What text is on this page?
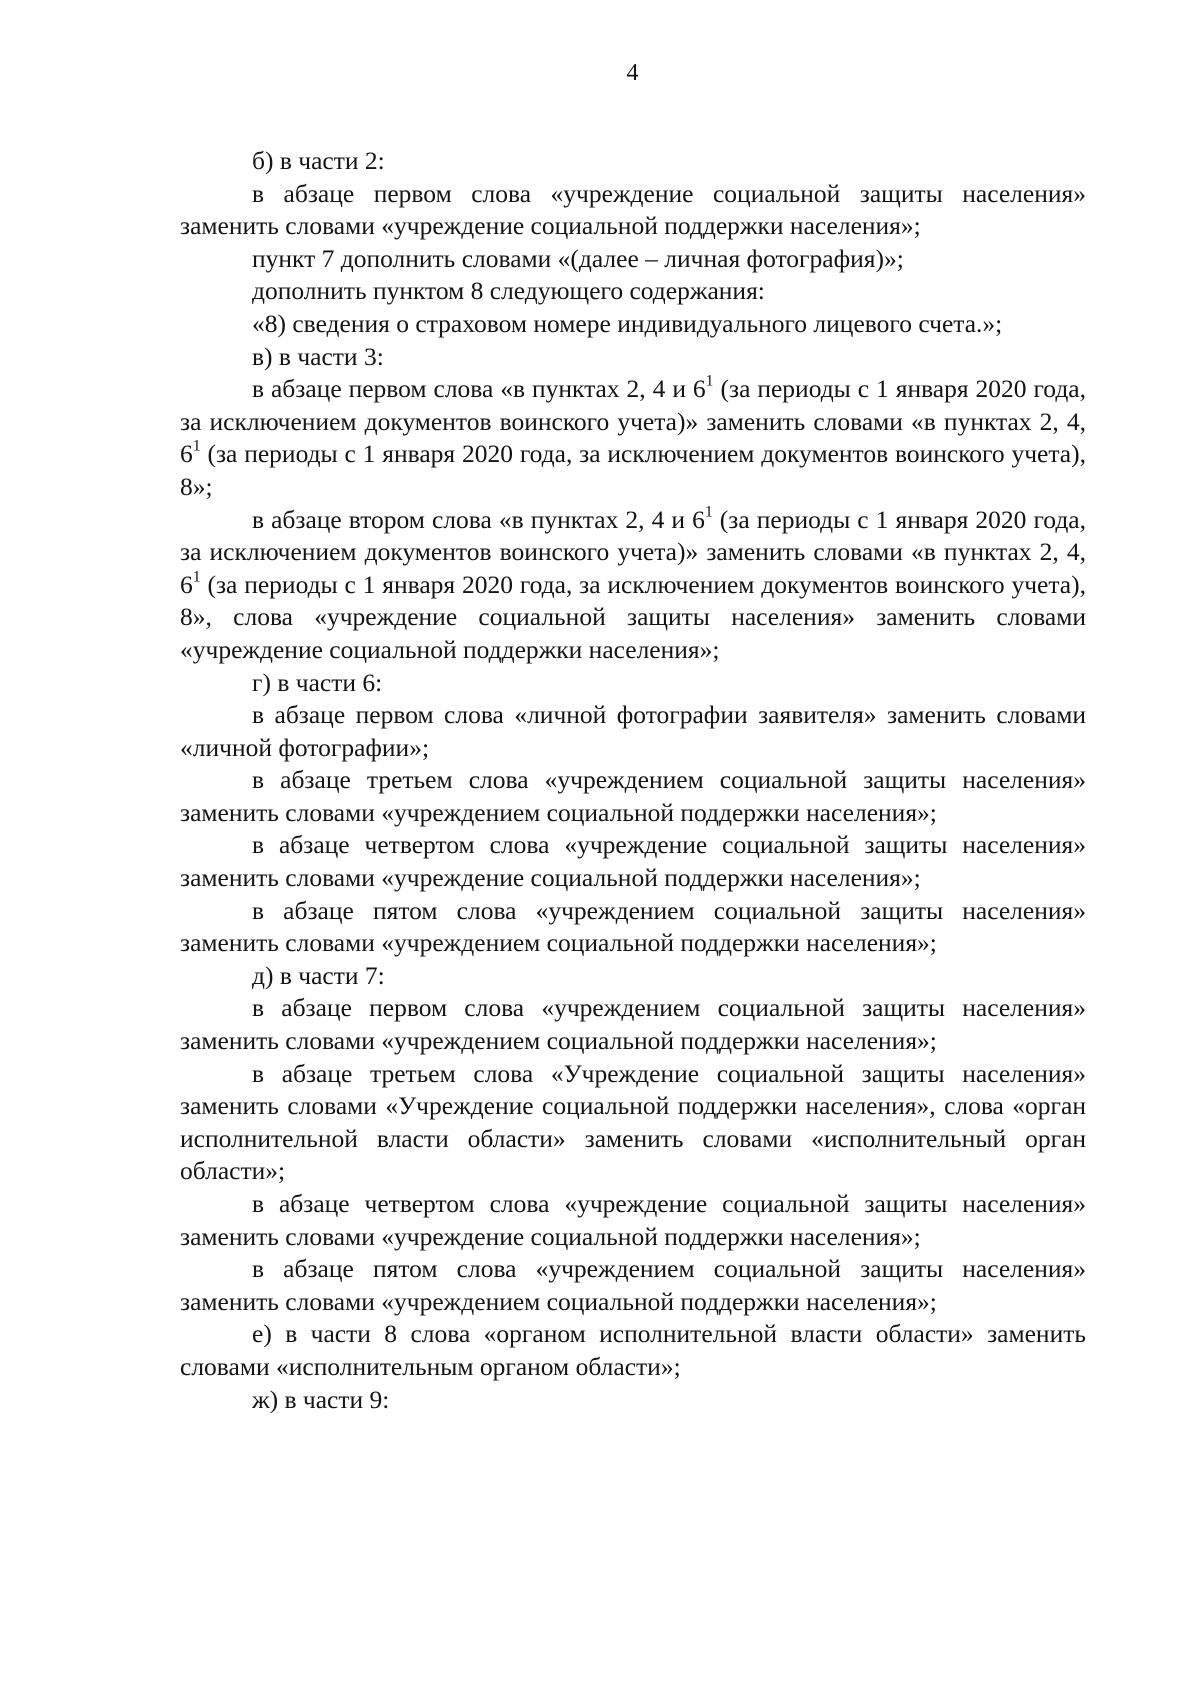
4

б) в части 2:

в абзаце первом слова «учреждение социальной защиты населения» заменить словами «учреждение социальной поддержки населения»;

пункт 7 дополнить словами «(далее – личная фотография)»;

дополнить пунктом 8 следующего содержания:

«8) сведения о страховом номере индивидуального лицевого счета.»;

в) в части 3:

в абзаце первом слова «в пунктах 2, 4 и $6^1$ (за периоды с 1 января 2020 года, за исключением документов воинского учета)» заменить словами «в пунктах 2, 4, $6^1$ (за периоды с 1 января 2020 года, за исключением документов воинского учета), 8»;

в абзаце втором слова «в пунктах 2, 4 и $6^1$ (за периоды с 1 января 2020 года, за исключением документов воинского учета)» заменить словами «в пунктах 2, 4, $6^1$ (за периоды с 1 января 2020 года, за исключением документов воинского учета), 8», слова «учреждение социальной защиты населения» заменить словами «учреждение социальной поддержки населения»;

г) в части 6:

в абзаце первом слова «личной фотографии заявителя» заменить словами «личной фотографии»;

в абзаце третьем слова «учреждением социальной защиты населения» заменить словами «учреждением социальной поддержки населения»;

в абзаце четвертом слова «учреждение социальной защиты населения» заменить словами «учреждение социальной поддержки населения»;

в абзаце пятом слова «учреждением социальной защиты населения» заменить словами «учреждением социальной поддержки населения»;

д) в части 7:

в абзаце первом слова «учреждением социальной защиты населения» заменить словами «учреждением социальной поддержки населения»;

в абзаце третьем слова «Учреждение социальной защиты населения» заменить словами «Учреждение социальной поддержки населения», слова «орган исполнительной власти области» заменить словами «исполнительный орган области»;

в абзаце четвертом слова «учреждение социальной защиты населения» заменить словами «учреждение социальной поддержки населения»;

в абзаце пятом слова «учреждением социальной защиты населения» заменить словами «учреждением социальной поддержки населения»;

е) в части 8 слова «органом исполнительной власти области» заменить словами «исполнительным органом области»;

ж) в части 9:
